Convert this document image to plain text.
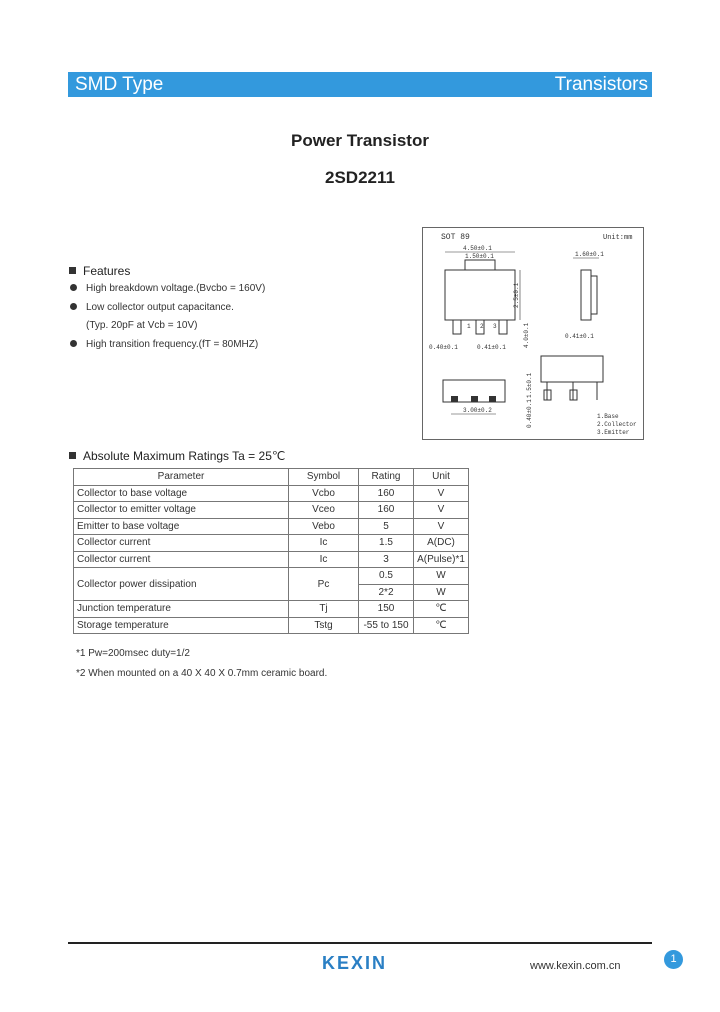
SMD Type	Transistors
Power Transistor
2SD2211
Features
High breakdown voltage.(Bvcbo = 160V)
Low collector output capacitance.
(Typ. 20pF at Vcb = 10V)
High transition frequency.(fT = 80MHZ)
SOT 89	Unit:mm
1 2 3
4.50±0.1
1.50±0.1
2.5±0.1
4.0±0.1
0.40±0.1	0.41±0.1
1.60±0.1
0.41±0.1
1.5±0.1
0.40±0.1
3.00±0.2
1.Base
2.Collector
3.Emitter
Absolute Maximum Ratings Ta = 25℃
Parameter	Symbol	Rating	Unit
Collector to base voltage	Vcbo	160	V
Collector to emitter voltage	Vceo	160	V
Emitter to base voltage	Vebo	5	V
Collector current	Ic	1.5	A(DC)
Collector current	Ic	3	A(Pulse)*1
Collector power dissipation	Pc	0.5	W
		2*2	W
Junction temperature	Tj	150	℃
Storage temperature	Tstg	-55 to 150	℃
*1 Pw=200msec duty=1/2
*2 When mounted on a 40 X 40 X 0.7mm ceramic board.
KEXIN	www.kexin.com.cn
1
